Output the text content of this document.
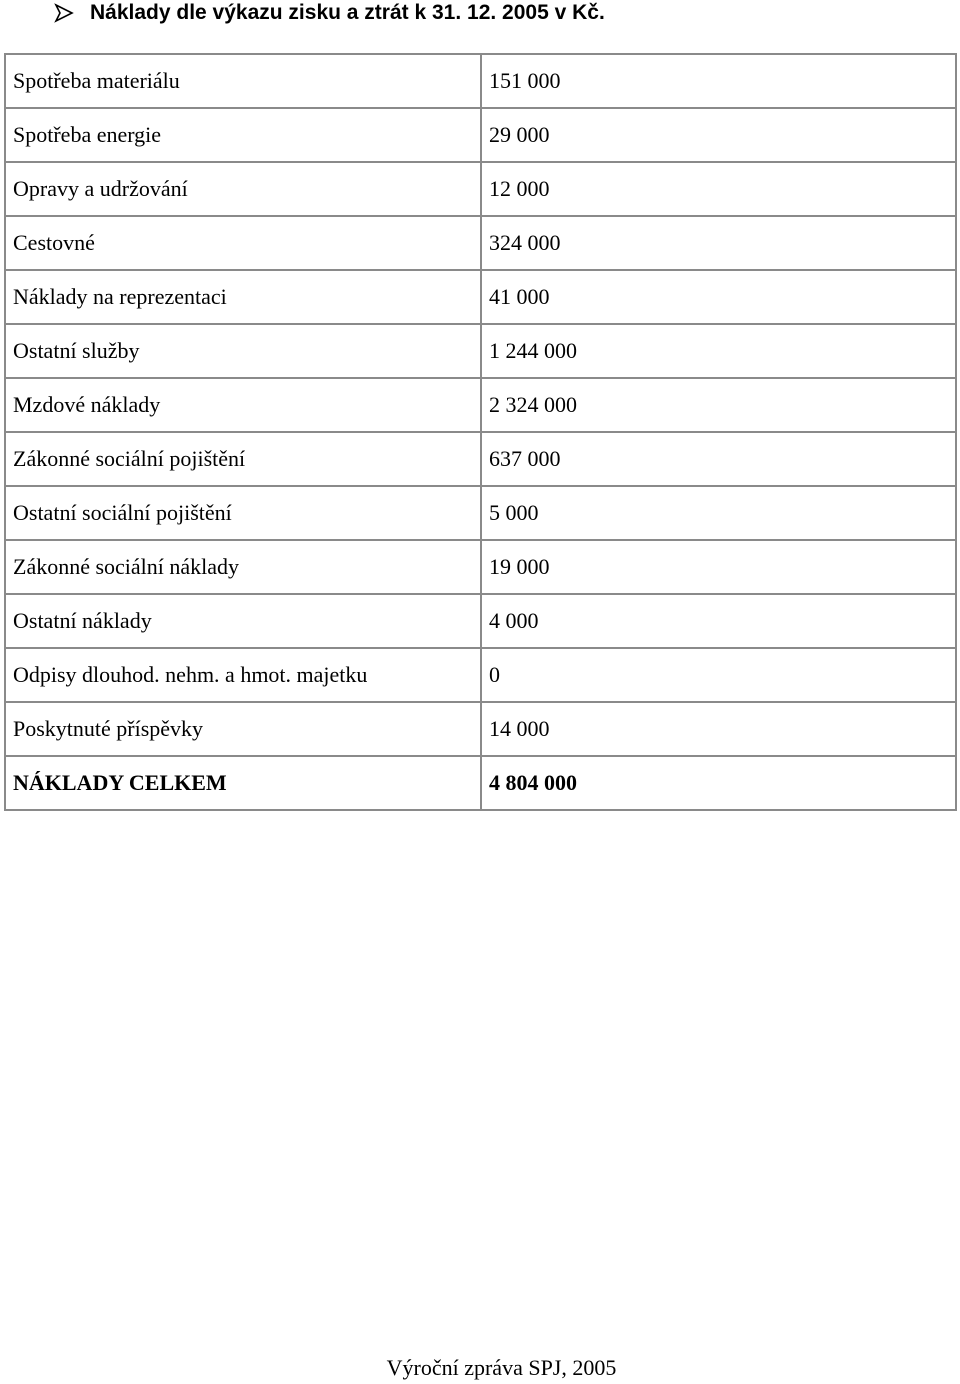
Náklady dle výkazu zisku a ztrát k 31. 12. 2005 v Kč.
Spotřeba materiálu	151 000
Spotřeba energie	29 000
Opravy a udržování	12 000
Cestovné	324 000
Náklady na reprezentaci	41 000
Ostatní služby	1 244 000
Mzdové náklady	2 324 000
Zákonné sociální pojištění	637 000
Ostatní sociální pojištění	5 000
Zákonné sociální náklady	19 000
Ostatní náklady	4 000
Odpisy dlouhod. nehm. a hmot. majetku	0
Poskytnuté příspěvky	14 000
NÁKLADY CELKEM	4 804 000
Výroční zpráva SPJ, 2005
